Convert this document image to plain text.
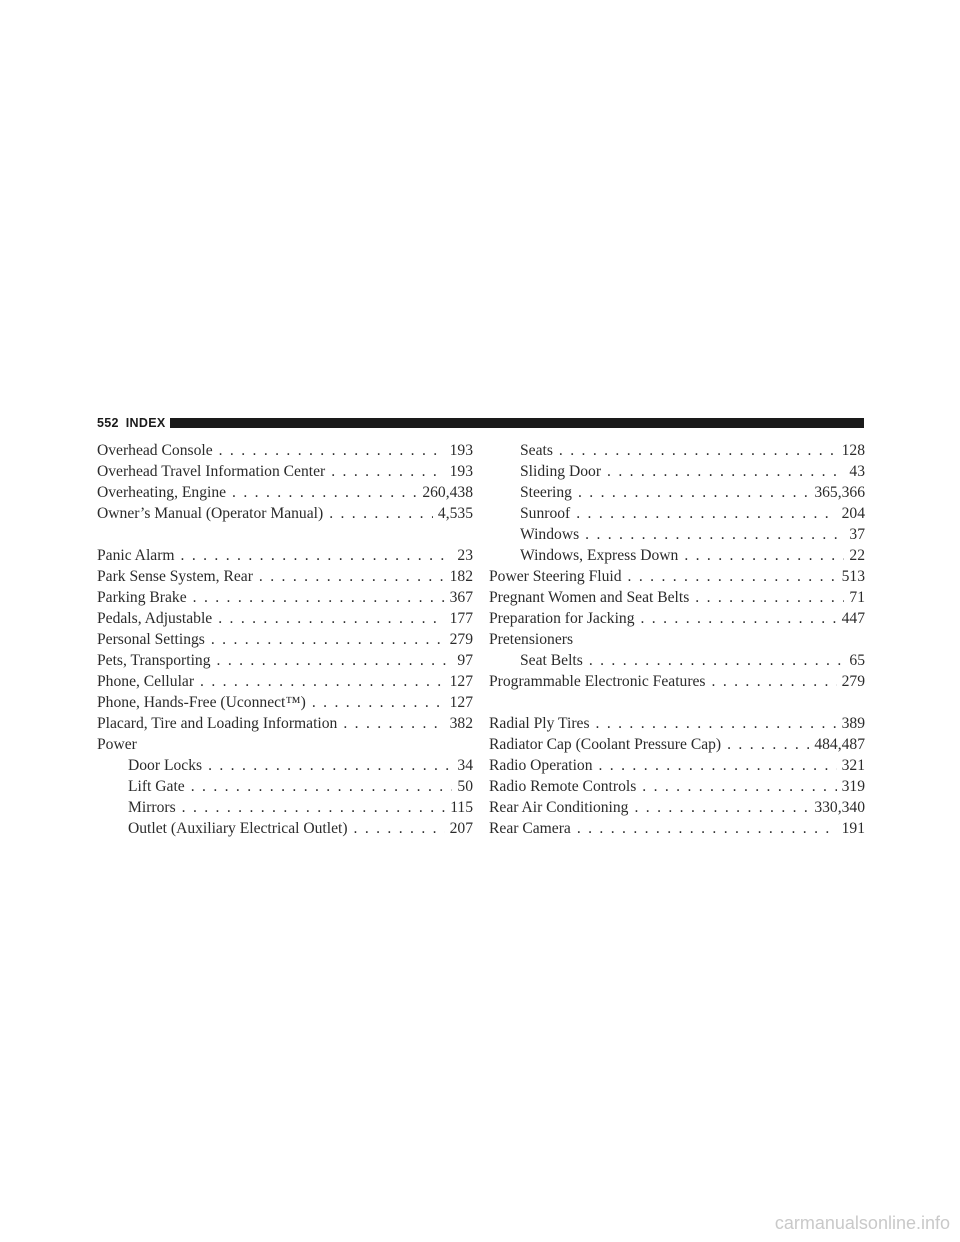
552 INDEX
Overhead Console . . .	193
Overhead Travel Information Center . . .	193
Overheating, Engine . . .	260,438
Owner’s Manual (Operator Manual) . . .	4,535
Panic Alarm . . .	23
Park Sense System, Rear . . .	182
Parking Brake . . .	367
Pedals, Adjustable . . .	177
Personal Settings . . .	279
Pets, Transporting . . .	97
Phone, Cellular . . .	127
Phone, Hands-Free (Uconnect™) . . .	127
Placard, Tire and Loading Information . . .	382
Power
Door Locks . . .	34
Lift Gate . . .	50
Mirrors . . .	115
Outlet (Auxiliary Electrical Outlet) . . .	207
Seats . . .	128
Sliding Door . . .	43
Steering . . .	365,366
Sunroof . . .	204
Windows . . .	37
Windows, Express Down . . .	22
Power Steering Fluid . . .	513
Pregnant Women and Seat Belts . . .	71
Preparation for Jacking . . .	447
Pretensioners
Seat Belts . . .	65
Programmable Electronic Features . . .	279
Radial Ply Tires . . .	389
Radiator Cap (Coolant Pressure Cap) . . .	484,487
Radio Operation . . .	321
Radio Remote Controls . . .	319
Rear Air Conditioning . . .	330,340
Rear Camera . . .	191
carmanualsonline.info
